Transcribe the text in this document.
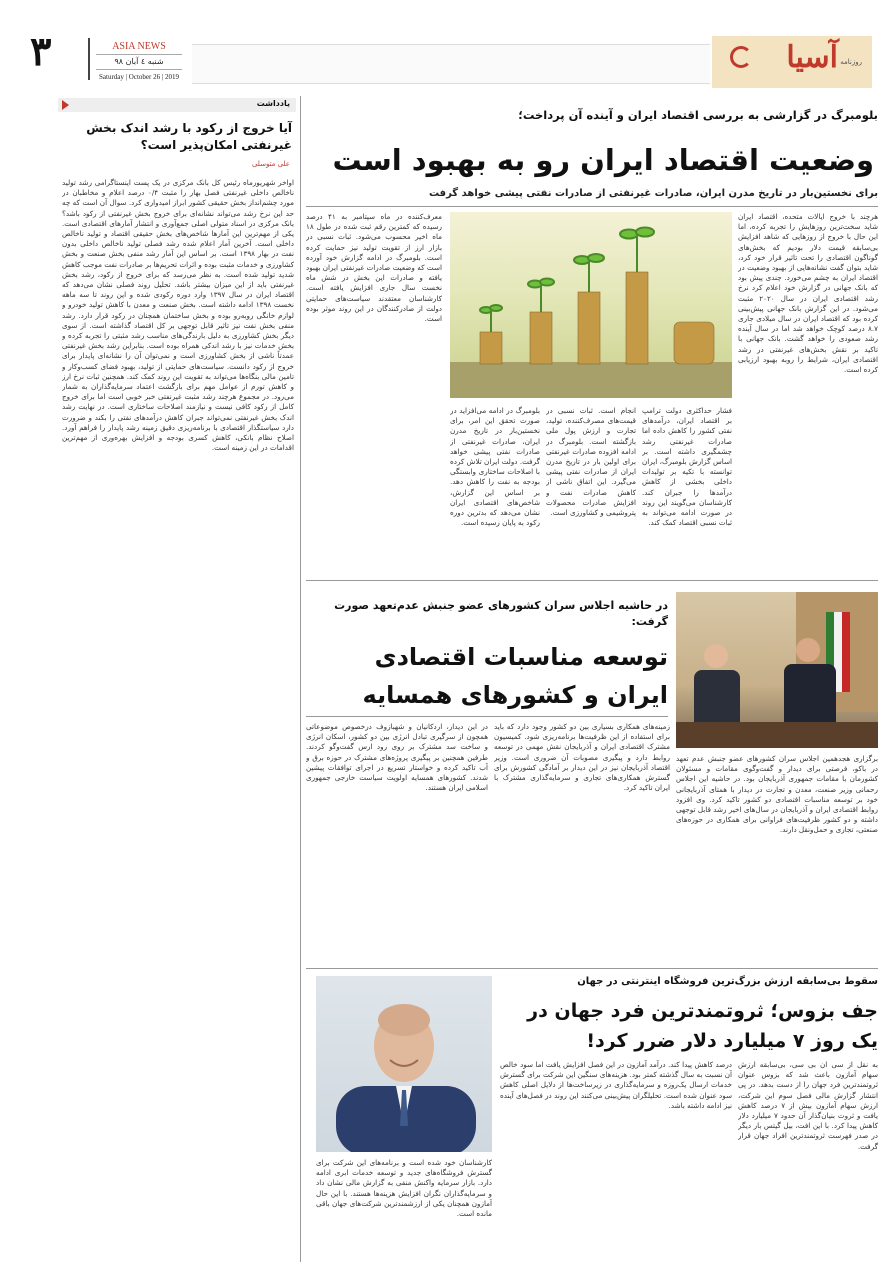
۳	ASIA NEWS
شنبه ٤ آبان ٩٨
Saturday | October 26 | 2019
آسیا روزنامه
یادداشت
آیا خروج از رکود با رشد اندک بخش غیرنفتی امکان‌پذیر است؟
علی متوسلی
اواخر شهریورماه رئیس کل بانک مرکزی در یک پست اینستاگرامی رشد تولید ناخالص داخلی غیرنفتی فصل بهار را مثبت ۰/۴ درصد اعلام و مخاطبان در مورد چشم‌انداز بخش حقیقی کشور ابراز امیدواری کرد. سوال آن است که چه حد این نرخ رشد می‌تواند نشانه‌ای برای خروج بخش غیرنفتی از رکود باشد؟ بانک مرکزی در اسناد متولی اصلی جمع‌آوری و انتشار آمارهای اقتصادی است. یکی از مهم‌ترین این آمارها شاخص‌های بخش حقیقی اقتصاد و تولید ناخالص داخلی است. آخرین آمار اعلام شده رشد فصلی تولید ناخالص داخلی بدون نفت در بهار ۱۳۹۸ است. بر اساس این آمار رشد منفی بخش صنعت و بخش کشاورزی و خدمات مثبت بوده و اثرات تحریم‌ها بر صادرات نفت موجب کاهش شدید تولید شده است. به نظر می‌رسد که برای خروج از رکود، رشد بخش غیرنفتی باید از این میزان بیشتر باشد. تحلیل روند فصلی نشان می‌دهد که اقتصاد ایران در سال ۱۳۹۷ وارد دوره رکودی شده و این روند تا سه ماهه نخست ۱۳۹۸ ادامه داشته است. بخش صنعت و معدن با کاهش تولید خودرو و لوازم خانگی روبه‌رو بوده و بخش ساختمان همچنان در رکود قرار دارد. رشد منفی بخش نفت نیز تاثیر قابل توجهی بر کل اقتصاد گذاشته است. از سوی دیگر بخش کشاورزی به دلیل بارندگی‌های مناسب رشد مثبتی را تجربه کرده و بخش خدمات نیز با رشد اندکی همراه بوده است. بنابراین رشد بخش غیرنفتی عمدتاً ناشی از بخش کشاورزی است و نمی‌توان آن را نشانه‌ای پایدار برای خروج از رکود دانست. سیاست‌های حمایتی از تولید، بهبود فضای کسب‌وکار و تامین مالی بنگاه‌ها می‌تواند به تقویت این روند کمک کند. همچنین ثبات نرخ ارز و کاهش تورم از عوامل مهم برای بازگشت اعتماد سرمایه‌گذاران به شمار می‌رود. در مجموع هرچند رشد مثبت غیرنفتی خبر خوبی است اما برای خروج کامل از رکود کافی نیست و نیازمند اصلاحات ساختاری است. در نهایت رشد اندک بخش غیرنفتی نمی‌تواند جبران کاهش درآمدهای نفتی را بکند و ضرورت دارد سیاستگذار اقتصادی با برنامه‌ریزی دقیق زمینه رشد پایدار را فراهم آورد. اصلاح نظام بانکی، کاهش کسری بودجه و افزایش بهره‌وری از مهم‌ترین اقدامات در این زمینه است.
بلومبرگ در گزارشی به بررسی اقتصاد ایران و آینده آن پرداخت؛
وضعیت اقتصاد ایران رو به بهبود است
برای نخستین‌بار در تاریخ مدرن ایران، صادرات غیرنفتی از صادرات نفتی پیشی خواهد گرفت
هرچند با خروج ایالات متحده، اقتصاد ایران شاید سخت‌ترین روزهایش را تجربه کرده، اما این حال با خروج از روزهایی که شاهد افزایش بی‌سابقه قیمت دلار بودیم که بخش‌های گوناگون اقتصادی را تحت تاثیر قرار خود کرد، شاید بتوان گفت نشانه‌هایی از بهبود وضعیت در اقتصاد ایران به چشم می‌خورد. چندی پیش بود که بانک جهانی در گزارش خود اعلام کرد نرخ رشد اقتصادی ایران در سال ۲۰۲۰ مثبت می‌شود. در این گزارش بانک جهانی پیش‌بینی کرده بود که اقتصاد ایران در سال میلادی جاری ۸.۷ درصد کوچک خواهد شد اما در سال آینده رشد صعودی را خواهد گشت. بانک جهانی با تاکید بر نقش بخش‌های غیرنفتی در رشد اقتصادی ایران، شرایط را روبه بهبود ارزیابی کرده است.
معرف‌کننده در ماه سپتامبر به ۴۱ درصد رسیده که کمترین رقم ثبت شده در طول ۱۸ ماه اخیر محسوب می‌شود. ثبات نسبی در بازار ارز از تقویت تولید نیز حمایت کرده است. بلومبرگ در ادامه گزارش خود آورده است که وضعیت صادرات غیرنفتی ایران بهبود یافته و صادرات این بخش در شش ماه نخست سال جاری افزایش یافته است. کارشناسان معتقدند سیاست‌های حمایتی دولت از صادرکنندگان در این روند موثر بوده است.
فشار حداکثری دولت ترامپ بر اقتصاد ایران، درآمدهای نفتی کشور را کاهش داده اما صادرات غیرنفتی رشد چشمگیری داشته است. بر اساس گزارش بلومبرگ، ایران توانسته با تکیه بر تولیدات داخلی بخشی از کاهش درآمدها را جبران کند. کارشناسان می‌گویند این روند در صورت ادامه می‌تواند به ثبات نسبی اقتصاد کمک کند.
انجام است. ثبات نسبی در قیمت‌های مصرف‌کننده، تولید، تجارت و ارزش پول ملی بازگشته است. بلومبرگ در ادامه افزوده صادرات غیرنفتی برای اولین بار در تاریخ مدرن ایران از صادرات نفتی پیشی می‌گیرد. این اتفاق ناشی از کاهش صادرات نفت و افزایش صادرات محصولات پتروشیمی و کشاورزی است.
بلومبرگ در ادامه می‌افزاید در صورت تحقق این امر، برای نخستین‌بار در تاریخ مدرن ایران، صادرات غیرنفتی از صادرات نفتی پیشی خواهد گرفت. دولت ایران تلاش کرده با اصلاحات ساختاری وابستگی بودجه به نفت را کاهش دهد. بر اساس این گزارش، شاخص‌های اقتصادی ایران نشان می‌دهد که بدترین دوره رکود به پایان رسیده است.
در حاشیه اجلاس سران کشورهای عضو جنبش عدم‌تعهد صورت گرفت:
توسعه مناسبات اقتصادی ایران و کشورهای همسایه
برگزاری هجدهمین اجلاس سران کشورهای عضو جنبش عدم تعهد در باکو، فرصتی برای دیدار و گفت‌وگوی مقامات و مسئولان کشورمان با مقامات جمهوری آذربایجان بود. در حاشیه این اجلاس رحمانی وزیر صنعت، معدن و تجارت در دیدار با همتای آذربایجانی خود بر توسعه مناسبات اقتصادی دو کشور تاکید کرد. وی افزود روابط اقتصادی ایران و آذربایجان در سال‌های اخیر رشد قابل توجهی داشته و دو کشور ظرفیت‌های فراوانی برای همکاری در حوزه‌های صنعتی، تجاری و حمل‌ونقل دارند.
زمینه‌های همکاری بسیاری بین دو کشور وجود دارد که باید برای استفاده از این ظرفیت‌ها برنامه‌ریزی شود. کمیسیون مشترک اقتصادی ایران و آذربایجان نقش مهمی در توسعه روابط دارد و پیگیری مصوبات آن ضروری است. وزیر اقتصاد آذربایجان نیز در این دیدار بر آمادگی کشورش برای گسترش همکاری‌های تجاری و سرمایه‌گذاری مشترک با ایران تاکید کرد.
در این دیدار، اردکانیان و شهبازوف درخصوص موضوعاتی همچون از سرگیری تبادل انرژی بین دو کشور، اسکان انرژی و ساخت سد مشترک بر روی رود ارس گفت‌وگو کردند. طرفین همچنین بر پیگیری پروژه‌های مشترک در حوزه برق و آب تاکید کرده و خواستار تسریع در اجرای توافقات پیشین شدند. کشورهای همسایه اولویت سیاست خارجی جمهوری اسلامی ایران هستند.
سقوط بی‌سابقه ارزش بزرگ‌ترین فروشگاه اینترنتی در جهان
جف بزوس؛ ثروتمندترین فرد جهان در یک روز ۷ میلیارد دلار ضرر کرد!
به نقل از سی ان بی سی، بی‌سابقه ارزش سهام آمازون باعث شد که بزوس عنوان ثروتمندترین فرد جهان را از دست بدهد. در پی انتشار گزارش مالی فصل سوم این شرکت، ارزش سهام آمازون بیش از ۷ درصد کاهش یافت و ثروت بنیان‌گذار آن حدود ۷ میلیارد دلار کاهش پیدا کرد. با این افت، بیل گیتس بار دیگر در صدر فهرست ثروتمندترین افراد جهان قرار گرفت.
درصد کاهش پیدا کند. درآمد آمازون در این فصل افزایش یافت اما سود خالص آن نسبت به سال گذشته کمتر بود. هزینه‌های سنگین این شرکت برای گسترش خدمات ارسال یک‌روزه و سرمایه‌گذاری در زیرساخت‌ها از دلایل اصلی کاهش سود عنوان شده است. تحلیلگران پیش‌بینی می‌کنند این روند در فصل‌های آینده نیز ادامه داشته باشد.
کارشناسان خود شده است و برنامه‌های این شرکت برای گسترش فروشگاه‌های جدید و توسعه خدمات ابری ادامه دارد. بازار سرمایه واکنش منفی به گزارش مالی نشان داد و سرمایه‌گذاران نگران افزایش هزینه‌ها هستند. با این حال آمازون همچنان یکی از ارزشمندترین شرکت‌های جهان باقی مانده است.
